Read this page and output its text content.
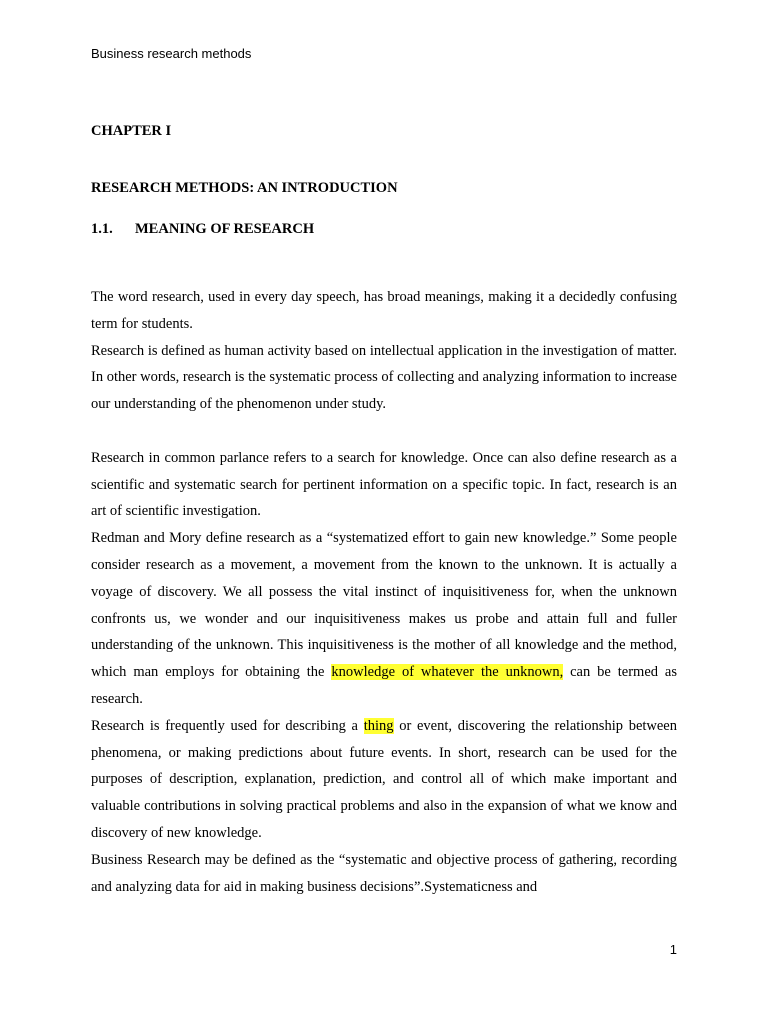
Business research methods
CHAPTER I
RESEARCH METHODS: AN INTRODUCTION
1.1. MEANING OF RESEARCH

The word research, used in every day speech, has broad meanings, making it a decidedly confusing term for students.

Research is defined as human activity based on intellectual application in the investigation of matter. In other words, research is the systematic process of collecting and analyzing information to increase our understanding of the phenomenon under study.

Research in common parlance refers to a search for knowledge. Once can also define research as a scientific and systematic search for pertinent information on a specific topic. In fact, research is an art of scientific investigation.

Redman and Mory define research as a “systematized effort to gain new knowledge.” Some people consider research as a movement, a movement from the known to the unknown. It is actually a voyage of discovery. We all possess the vital instinct of inquisitiveness for, when the unknown confronts us, we wonder and our inquisitiveness makes us probe and attain full and fuller understanding of the unknown. This inquisitiveness is the mother of all knowledge and the method, which man employs for obtaining the knowledge of whatever the unknown, can be termed as research.

Research is frequently used for describing a thing or event, discovering the relationship between phenomena, or making predictions about future events. In short, research can be used for the purposes of description, explanation, prediction, and control all of which make important and valuable contributions in solving practical problems and also in the expansion of what we know and discovery of new knowledge.

Business Research may be defined as the “systematic and objective process of gathering, recording and analyzing data for aid in making business decisions”.Systematicness and

1
